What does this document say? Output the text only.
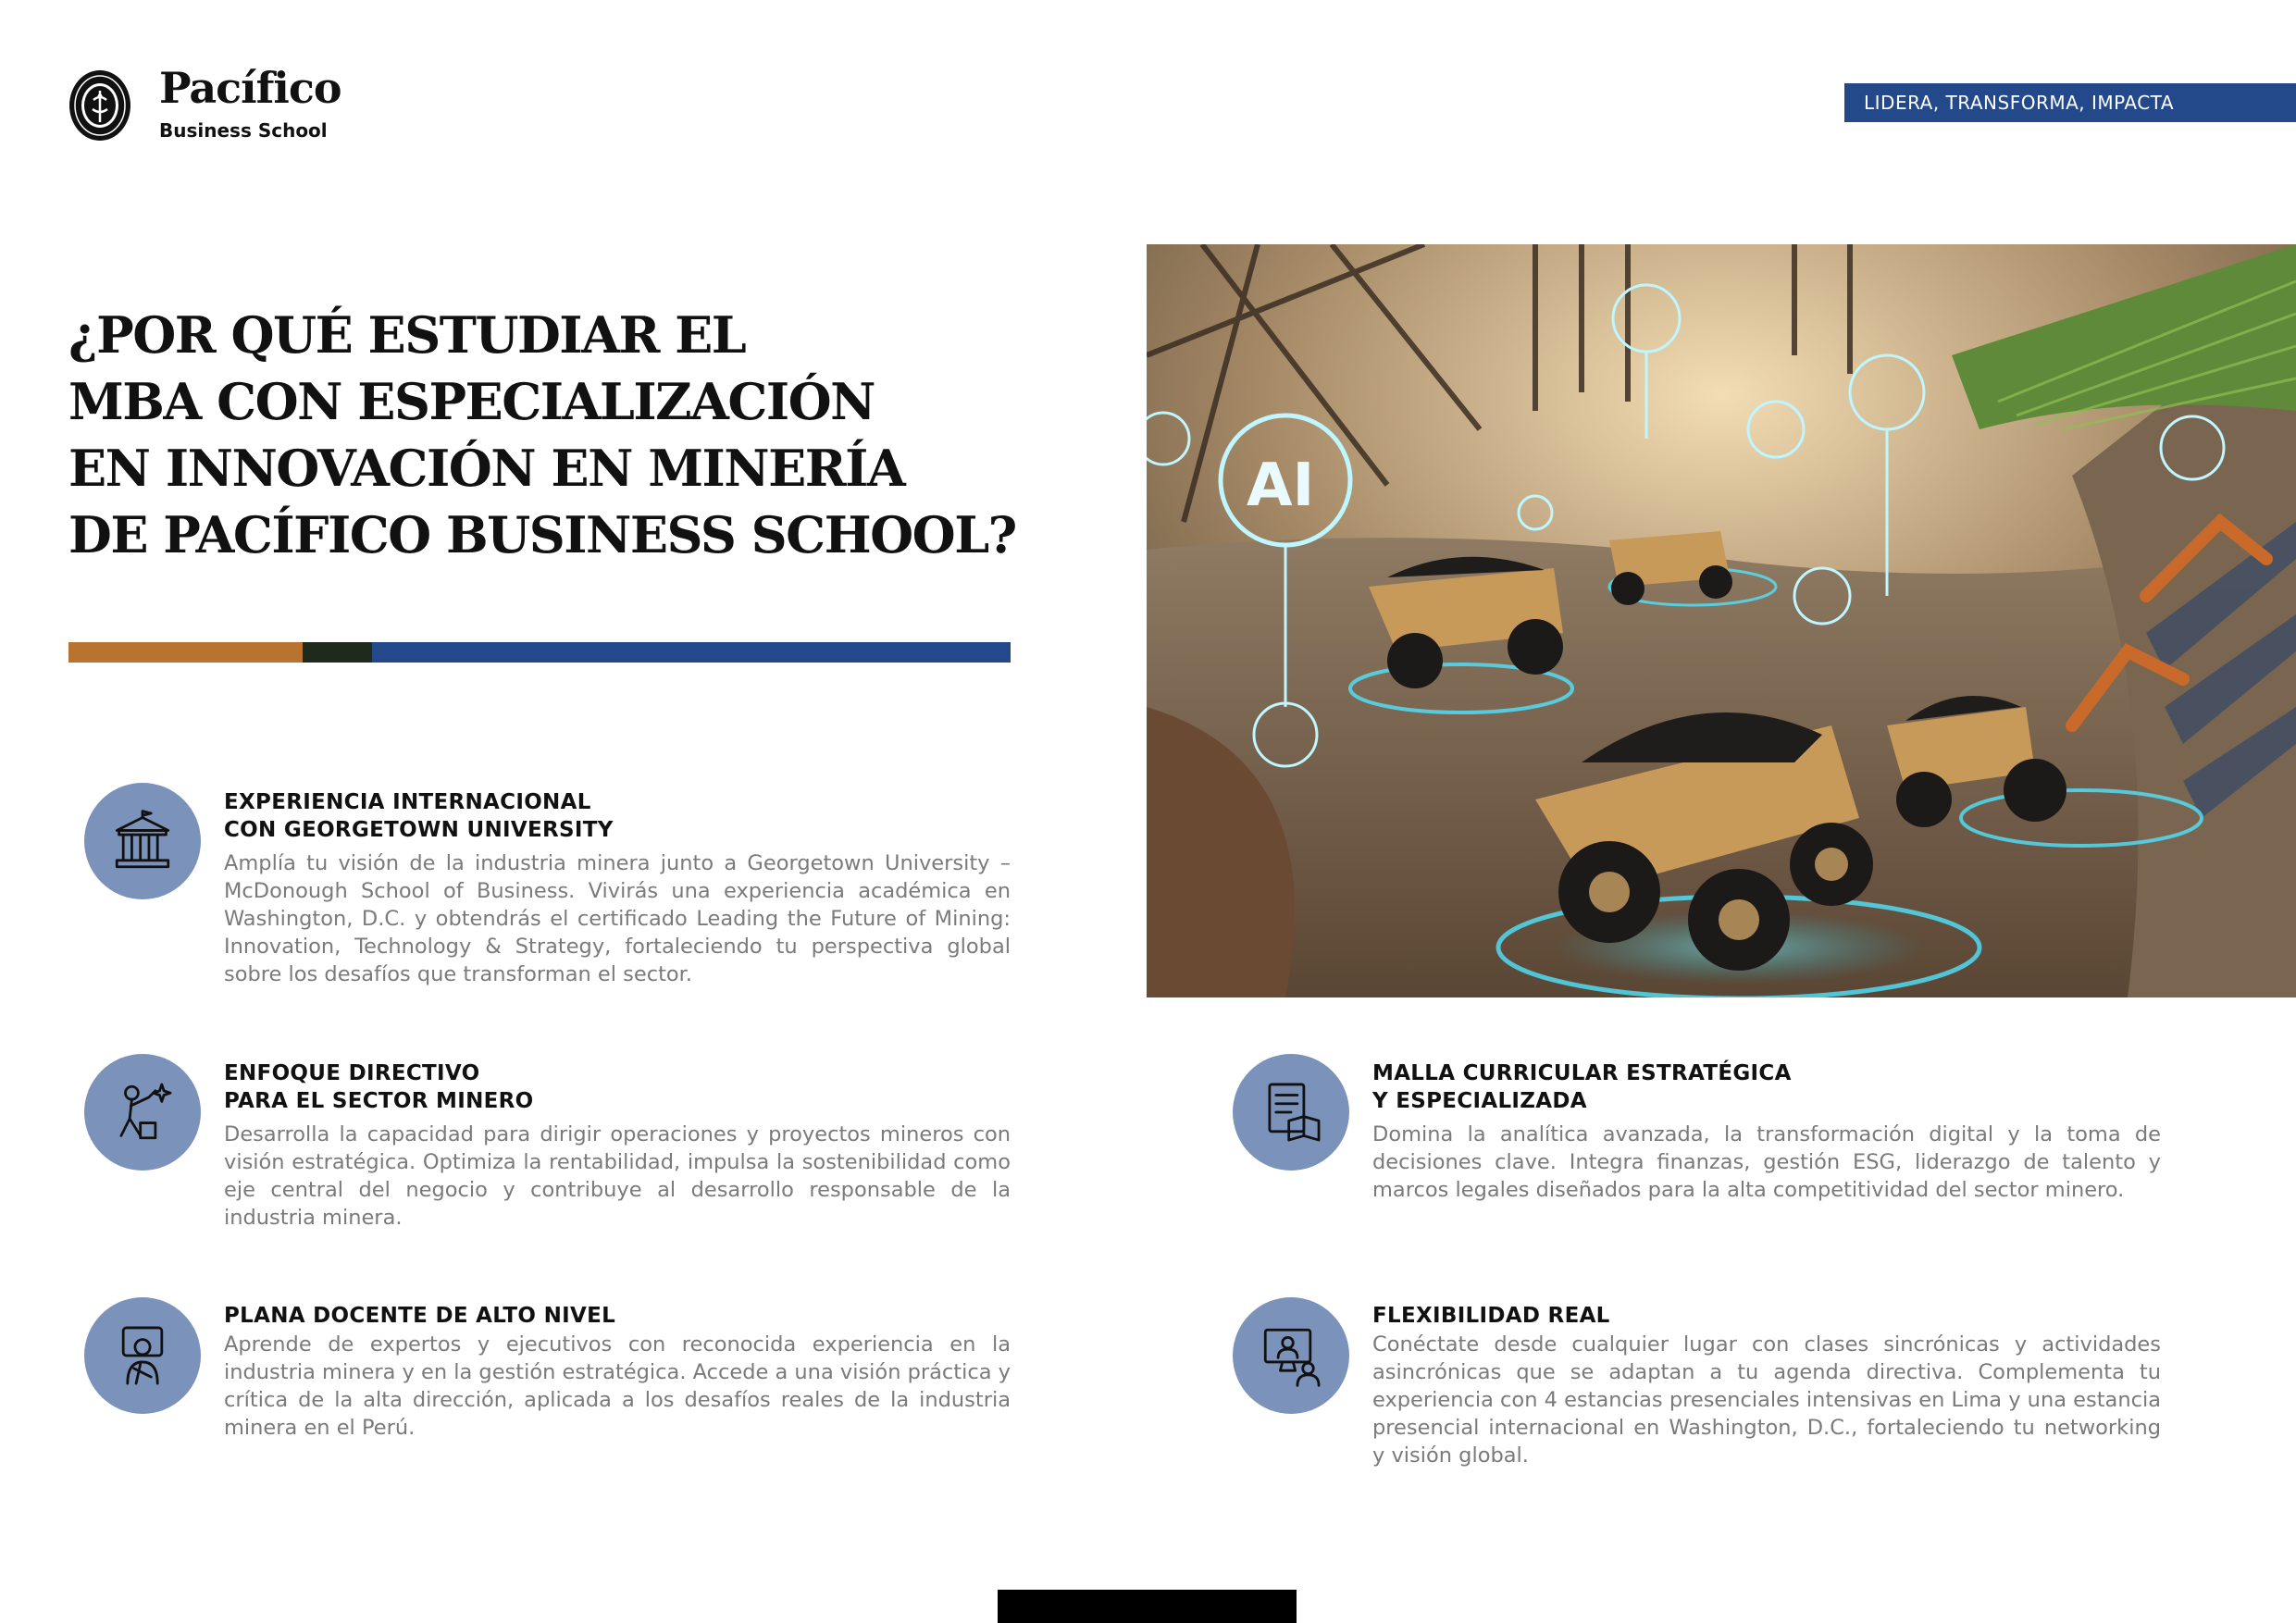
Pacífico
Business School
LIDERA, TRANSFORMA, IMPACTA
¿POR QUÉ ESTUDIAR EL
MBA CON ESPECIALIZACIÓN
EN INNOVACIÓN EN MINERÍA
DE PACÍFICO BUSINESS SCHOOL?
AI
EXPERIENCIA INTERNACIONAL
CON GEORGETOWN UNIVERSITY
Amplía tu visión de la industria minera junto a Georgetown University – McDonough School of Business. Vivirás una experiencia académica en Washington, D.C. y obtendrás el certificado Leading the Future of Mining: Innovation, Technology & Strategy, fortaleciendo tu perspectiva global sobre los desafíos que transforman el sector.
ENFOQUE DIRECTIVO
PARA EL SECTOR MINERO
Desarrolla la capacidad para dirigir operaciones y proyectos mineros con visión estratégica. Optimiza la rentabilidad, impulsa la sostenibilidad como eje central del negocio y contribuye al desarrollo responsable de la industria minera.
PLANA DOCENTE DE ALTO NIVEL
Aprende de expertos y ejecutivos con reconocida experiencia en la industria minera y en la gestión estratégica. Accede a una visión práctica y crítica de la alta dirección, aplicada a los desafíos reales de la industria minera en el Perú.
MALLA CURRICULAR ESTRATÉGICA
Y ESPECIALIZADA
Domina la analítica avanzada, la transformación digital y la toma de decisiones clave. Integra finanzas, gestión ESG, liderazgo de talento y marcos legales diseñados para la alta competitividad del sector minero.
FLEXIBILIDAD REAL
Conéctate desde cualquier lugar con clases sincrónicas y actividades asincrónicas que se adaptan a tu agenda directiva. Complementa tu experiencia con 4 estancias presenciales intensivas en Lima y una estancia presencial internacional en Washington, D.C., fortaleciendo tu networking y visión global.
